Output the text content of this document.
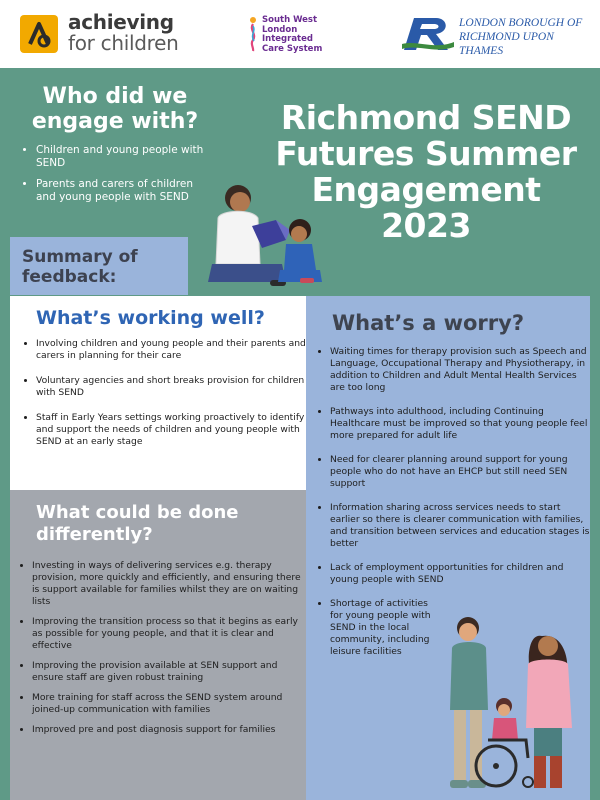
achieving
for children
South West
London
Integrated
Care System
LONDON BOROUGH OF
RICHMOND UPON THAMES
Who did we engage with?
• Children and young people with SEND
• Parents and carers of children and young people with SEND
Richmond SEND Futures Summer Engagement 2023
Summary of feedback:
What’s working well?
• Involving children and young people and their parents and carers in planning for their care
• Voluntary agencies and short breaks provision for children with SEND
• Staff in Early Years settings working proactively to identify and support the needs of children and young people with SEND at an early stage
What’s a worry?
• Waiting times for therapy provision such as Speech and Language, Occupational Therapy and Physiotherapy, in addition to Children and Adult Mental Health Services are too long
• Pathways into adulthood, including Continuing Healthcare must be improved so that young people feel more prepared for adult life
• Need for clearer planning around support for young people who do not have an EHCP but still need SEN support
• Information sharing across services needs to start earlier so there is clearer communication with families, and transition between services and education stages is better
• Lack of employment opportunities for children and young people with SEND
• Shortage of activities for young people with SEND in the local community, including leisure facilities
What could be done differently?
• Investing in ways of delivering services e.g. therapy provision, more quickly and efficiently, and ensuring there is support available for families whilst they are on waiting lists
• Improving the transition process so that it begins as early as possible for young people, and that it is clear and effective
• Improving the provision available at SEN support and ensure staff are given robust training
• More training for staff across the SEND system around joined-up communication with families
• Improved pre and post diagnosis support for families
